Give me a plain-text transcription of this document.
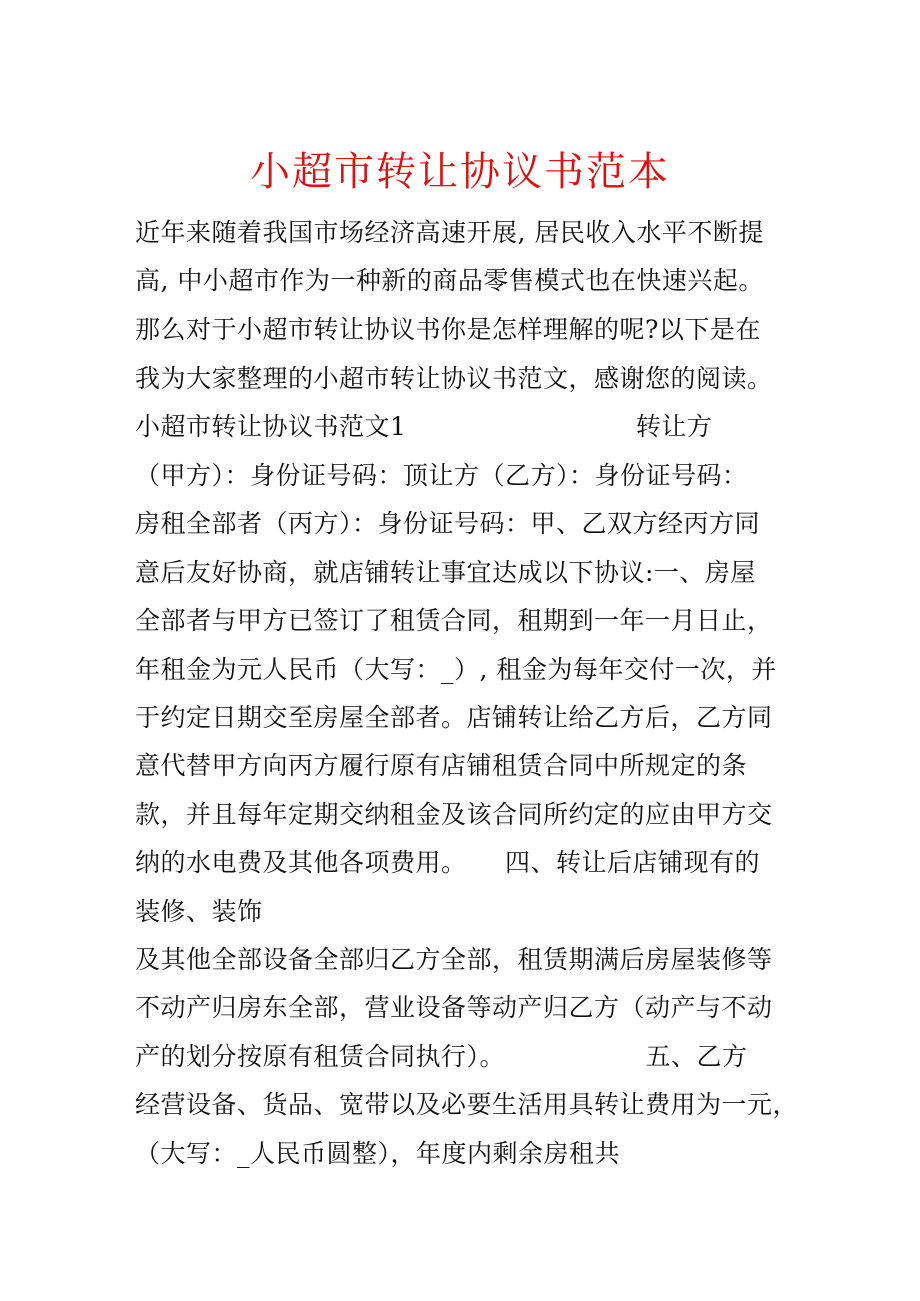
小超市转让协议书范本
近年来随着我国市场经济高速开展, 居民收入水平不断提
高, 中小超市作为一种新的商品零售模式也在快速兴起。
那么对于小超市转让协议书你是怎样理解的呢?以下是在
我为大家整理的小超市转让协议书范文，感谢您的阅读。
小超市转让协议书范文1　　　　　　　　　转让方
（甲方）：身份证号码：顶让方（乙方）：身份证号码：
房租全部者（丙方）：身份证号码：甲、乙双方经丙方同
意后友好协商，就店铺转让事宜达成以下协议:一、房屋
全部者与甲方已签订了租赁合同，租期到一年一月日止，
年租金为元人民币（大写：_）, 租金为每年交付一次，并
于约定日期交至房屋全部者。店铺转让给乙方后，乙方同
意代替甲方向丙方履行原有店铺租赁合同中所规定的条
款，并且每年定期交纳租金及该合同所约定的应由甲方交
纳的水电费及其他各项费用。　　四、转让后店铺现有的
装修、装饰
及其他全部设备全部归乙方全部，租赁期满后房屋装修等
不动产归房东全部，营业设备等动产归乙方（动产与不动
产的划分按原有租赁合同执行）。　　　　　　五、乙方
经营设备、货品、宽带以及必要生活用具转让费用为一元，
（大写：_人民币圆整），年度内剩余房租共
